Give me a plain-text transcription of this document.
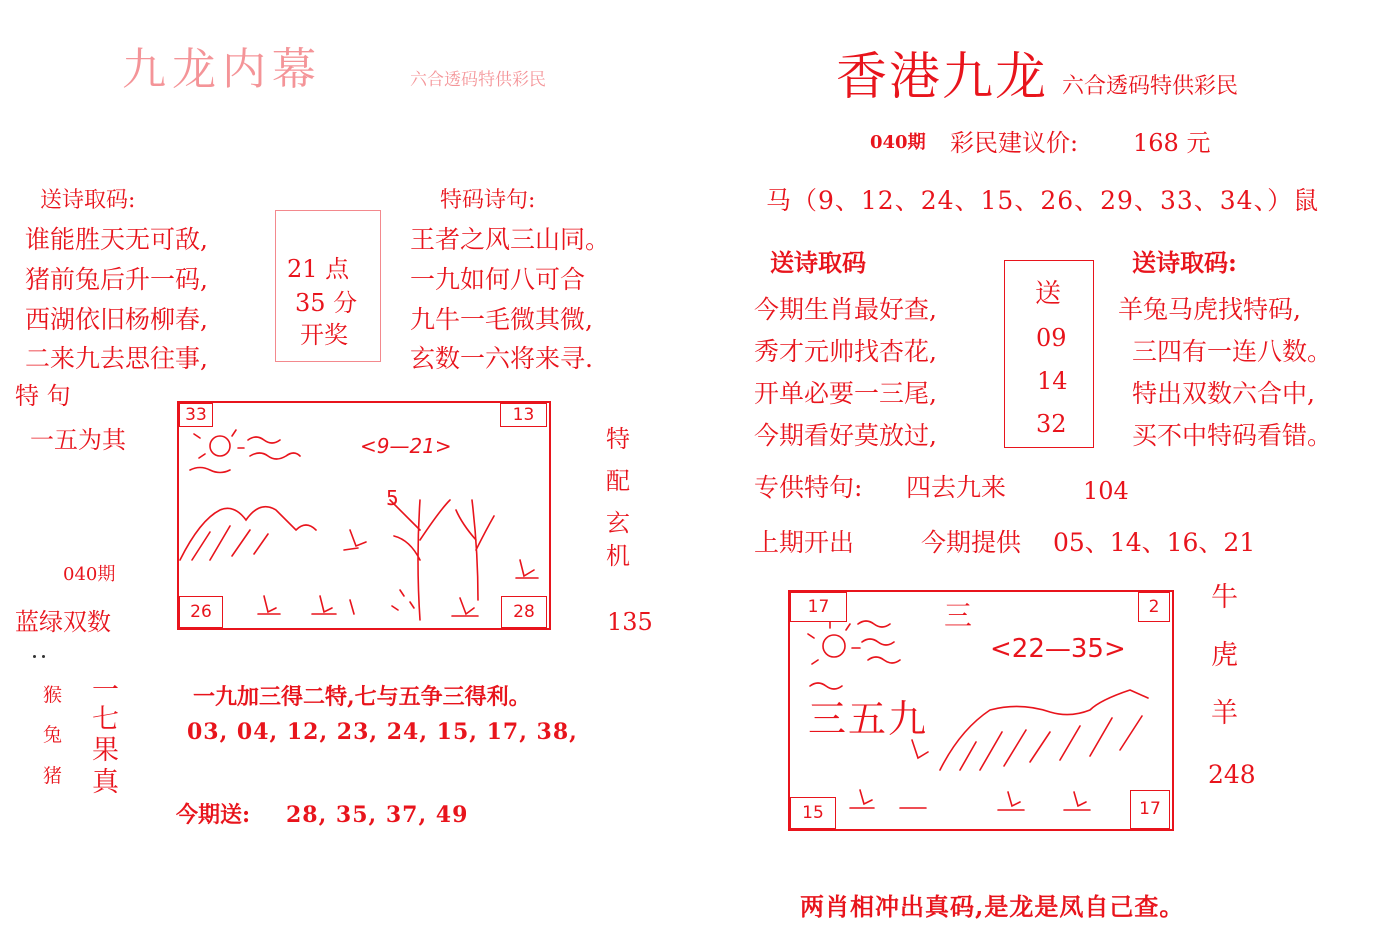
九龙内幕	六合透码特供彩民
送诗取码:
谁能胜天无可敌,
猪前兔后升一码,
西湖依旧杨柳春,
二来九去思往事,
21 点
35 分
开奖
特码诗句:
王者之风三山同。
一九如何八可合
九牛一毛微其微,
玄数一六将来寻.
特 句
一五为其
040期
蓝绿双数
33	13
26	28
<9—21>
5
特
配
玄
机
135
猴
兔
猪
一
七
果
真
一九加三得二特,七与五争三得利。
03, 04, 12, 23, 24, 15, 17, 38,
今期送: 28, 35, 37, 49
香港九龙 六合透码特供彩民
040期 彩民建议价: 168 元
马（9、12、24、15、26、29、33、34、）鼠
送诗取码	送诗取码:
今期生肖最好查,
秀才元帅找杏花,
开单必要一三尾,
今期看好莫放过,
送
09
14
32
羊兔马虎找特码,
三四有一连八数。
特出双数六合中,
买不中特码看错。
专供特句: 四去九来	104
上期开出	今期提供 05、14、16、21
17	2
15	17
三
<22—35>
三五九
牛
虎
羊
248
两肖相冲出真码,是龙是凤自己查。
